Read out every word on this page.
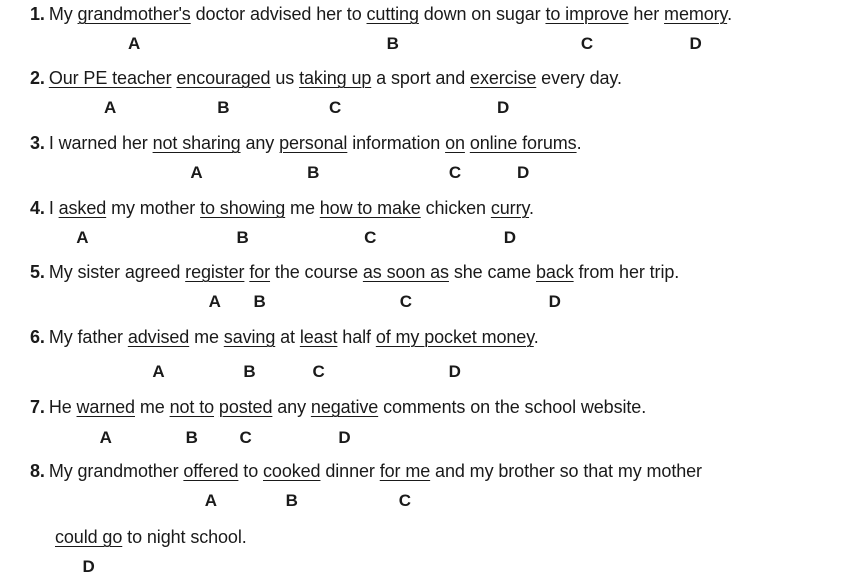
1. My grandmother's doctor advised her to cutting down on sugar to improve her memory.
A	B	C	D
2. Our PE teacher encouraged us taking up a sport and exercise every day.
A	B	C	D
3. I warned her not sharing any personal information on online forums.
A	B	C	D
4. I asked my mother to showing me how to make chicken curry.
A	B	C	D
5. My sister agreed register for the course as soon as she came back from her trip.
A B	C	D
6. My father advised me saving at least half of my pocket money.
A	B	C	D
7. He warned me not to posted any negative comments on the school website.
A	B C	D
8. My grandmother offered to cooked dinner for me and my brother so that my mother
could go to night school.
A	B	C
D
